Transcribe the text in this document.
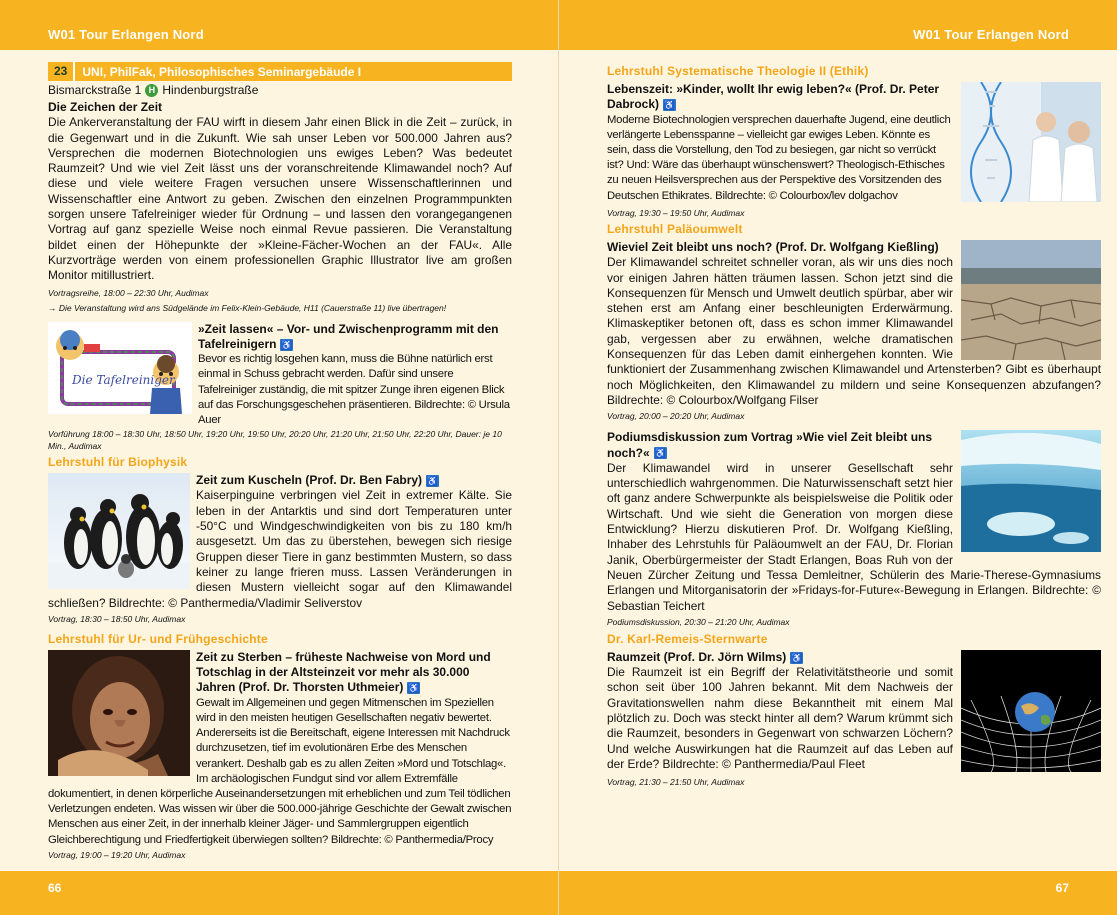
W01 Tour Erlangen Nord
23	UNI, PhilFak, Philosophisches Seminargebäude I
Bismarckstraße 1 H Hindenburgstraße
Die Zeichen der Zeit
Die Ankerveranstaltung der FAU wirft in diesem Jahr einen Blick in die Zeit – zurück, in die Gegenwart und in die Zukunft. Wie sah unser Leben vor 500.000 Jahren aus? Versprechen die modernen Biotechnologien uns ewiges Leben? Was bedeutet Raumzeit? Und wie viel Zeit lässt uns der voranschreitende Klimawandel noch? Auf diese und viele weitere Fragen versuchen unsere Wissenschaftlerinnen und Wissenschaftler eine Antwort zu geben. Zwischen den einzelnen Programmpunkten sorgen unsere Tafelreiniger wieder für Ordnung – und lassen den vorangegangenen Vortrag auf ganz spezielle Weise noch einmal Revue passieren. Die Veranstaltung bildet einen der Höhepunkte der »Kleine-Fächer-Wochen an der FAU«. Alle Kurzvorträge werden von einem professionellen Graphic Illustrator live am großen Monitor mitillustriert.
Vortragsreihe, 18:00 – 22:30 Uhr, Audimax
→ Die Veranstaltung wird ans Südgelände im Felix-Klein-Gebäude, H11 (Cauerstraße 11) live übertragen!
Die Tafelreiniger
»Zeit lassen« – Vor- und Zwischenprogramm mit den Tafelreinigern ♿
Bevor es richtig losgehen kann, muss die Bühne natürlich erst einmal in Schuss gebracht werden. Dafür sind unsere Tafelreiniger zuständig, die mit spitzer Zunge ihren eigenen Blick auf das Forschungsgeschehen präsentieren. Bildrechte: © Ursula Auer
Vorführung 18:00 – 18:30 Uhr, 18:50 Uhr, 19:20 Uhr, 19:50 Uhr, 20:20 Uhr, 21:20 Uhr, 21:50 Uhr, 22:20 Uhr, Dauer: je 10 Min., Audimax
Lehrstuhl für Biophysik
Zeit zum Kuscheln (Prof. Dr. Ben Fabry) ♿
Kaiserpinguine verbringen viel Zeit in extremer Kälte. Sie leben in der Antarktis und sind dort Temperaturen unter -50°C und Windgeschwindigkeiten von bis zu 180 km/h ausgesetzt. Um das zu überstehen, bewegen sich riesige Gruppen dieser Tiere in ganz bestimmten Mustern, so dass keiner zu lange frieren muss. Lassen Veränderungen in diesen Mustern vielleicht sogar auf den Klimawandel schließen? Bildrechte: © Panthermedia/Vladimir Seliverstov
Vortrag, 18:30 – 18:50 Uhr, Audimax
Lehrstuhl für Ur- und Frühgeschichte
Zeit zu Sterben – früheste Nachweise von Mord und Totschlag in der Altsteinzeit vor mehr als 30.000 Jahren (Prof. Dr. Thorsten Uthmeier) ♿
Gewalt im Allgemeinen und gegen Mitmenschen im Speziellen wird in den meisten heutigen Gesellschaften negativ bewertet. Andererseits ist die Bereitschaft, eigene Interessen mit Nachdruck durchzusetzen, tief im evolutionären Erbe des Menschen verankert. Deshalb gab es zu allen Zeiten »Mord und Totschlag«. Im archäologischen Fundgut sind vor allem Extremfälle dokumentiert, in denen körperliche Auseinandersetzungen mit erheblichen und zum Teil tödlichen Verletzungen endeten. Was wissen wir über die 500.000-jährige Geschichte der Gewalt zwischen Menschen aus einer Zeit, in der innerhalb kleiner Jäger- und Sammlergruppen eigentlich Gleichberechtigung und Friedfertigkeit überwiegen sollten? Bildrechte: © Panthermedia/Procy
Vortrag, 19:00 – 19:20 Uhr, Audimax
66
W01 Tour Erlangen Nord
Lehrstuhl Systematische Theologie II (Ethik)
Lebenszeit: »Kinder, wollt Ihr ewig leben?« (Prof. Dr. Peter Dabrock) ♿
Moderne Biotechnologien versprechen dauerhafte Jugend, eine deutlich verlängerte Lebensspanne – vielleicht gar ewiges Leben. Könnte es sein, dass die Vorstellung, den Tod zu besiegen, gar nicht so verrückt ist? Und: Wäre das überhaupt wünschenswert? Theologisch-Ethisches zu neuen Heilsversprechen aus der Perspektive des Vorsitzenden des Deutschen Ethikrates. Bildrechte: © Colourbox/lev dolgachov
Vortrag, 19:30 – 19:50 Uhr, Audimax
Lehrstuhl Paläoumwelt
Wieviel Zeit bleibt uns noch? (Prof. Dr. Wolfgang Kießling)
Der Klimawandel schreitet schneller voran, als wir uns dies noch vor einigen Jahren hätten träumen lassen. Schon jetzt sind die Konsequenzen für Mensch und Umwelt deutlich spürbar, aber wir stehen erst am Anfang einer beschleunigten Erderwärmung. Klimaskeptiker betonen oft, dass es schon immer Klimawandel gab, vergessen aber zu erwähnen, welche dramatischen Konsequenzen für das Leben damit einhergehen konnten. Wie funktioniert der Zusammenhang zwischen Klimawandel und Artensterben? Gibt es überhaupt noch Möglichkeiten, den Klimawandel zu mildern und seine Konsequenzen abzufangen? Bildrechte: © Colourbox/Wolfgang Filser
Vortrag, 20:00 – 20:20 Uhr, Audimax
Podiumsdiskussion zum Vortrag »Wie viel Zeit bleibt uns noch?« ♿
Der Klimawandel wird in unserer Gesellschaft sehr unterschiedlich wahrgenommen. Die Naturwissenschaft setzt hier oft ganz andere Schwerpunkte als beispielsweise die Politik oder Wirtschaft. Und wie sieht die Generation von morgen diese Entwicklung? Hierzu diskutieren Prof. Dr. Wolfgang Kießling, Inhaber des Lehrstuhls für Paläoumwelt an der FAU, Dr. Florian Janik, Oberbürgermeister der Stadt Erlangen, Boas Ruh von der Neuen Zürcher Zeitung und Tessa Demleitner, Schülerin des Marie-Therese-Gymnasiums Erlangen und Mitorganisatorin der »Fridays-for-Future«-Bewegung in Erlangen. Bildrechte: © Sebastian Teichert
Podiumsdiskussion, 20:30 – 21:20 Uhr, Audimax
Dr. Karl-Remeis-Sternwarte
Raumzeit (Prof. Dr. Jörn Wilms) ♿
Die Raumzeit ist ein Begriff der Relativitätstheorie und somit schon seit über 100 Jahren bekannt. Mit dem Nachweis der Gravitationswellen nahm diese Bekanntheit mit einem Mal plötzlich zu. Doch was steckt hinter all dem? Warum krümmt sich die Raumzeit, besonders in Gegenwart von schwarzen Löchern? Und welche Auswirkungen hat die Raumzeit auf das Leben auf der Erde? Bildrechte: © Panthermedia/Paul Fleet
Vortrag, 21:30 – 21:50 Uhr, Audimax
67
